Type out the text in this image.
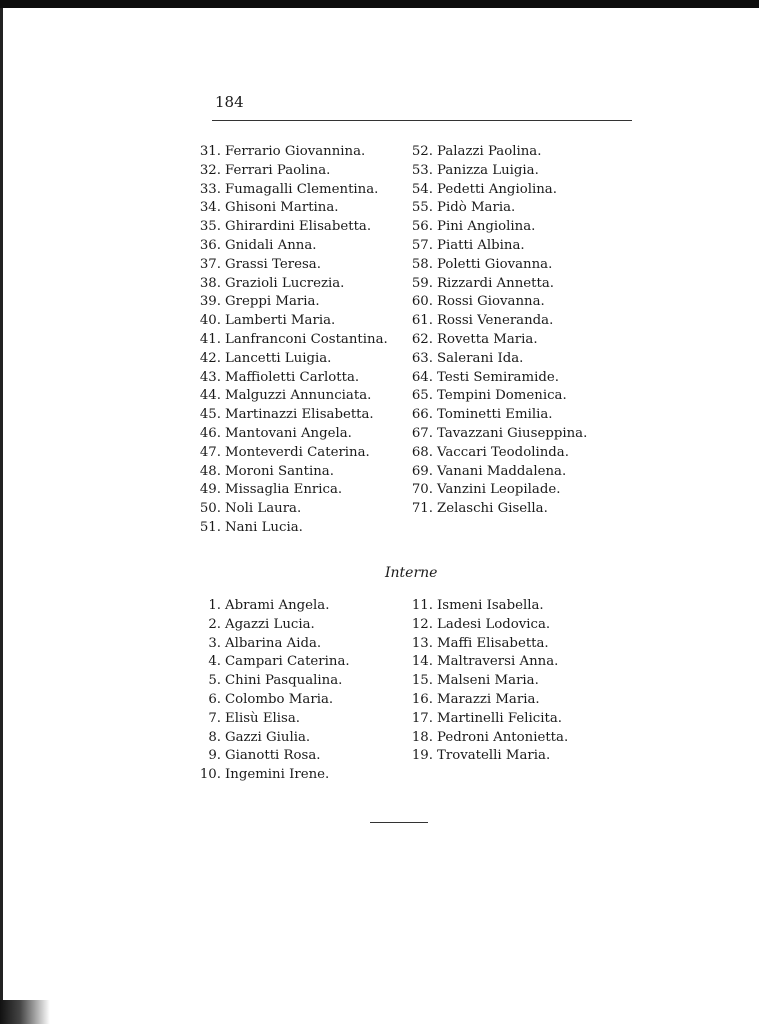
184
31. Ferrario Giovannina.
32. Ferrari Paolina.
33. Fumagalli Clementina.
34. Ghisoni Martina.
35. Ghirardini Elisabetta.
36. Gnidali Anna.
37. Grassi Teresa.
38. Grazioli Lucrezia.
39. Greppi Maria.
40. Lamberti Maria.
41. Lanfranconi Costantina.
42. Lancetti Luigia.
43. Maffioletti Carlotta.
44. Malguzzi Annunciata.
45. Martinazzi Elisabetta.
46. Mantovani Angela.
47. Monteverdi Caterina.
48. Moroni Santina.
49. Missaglia Enrica.
50. Noli Laura.
51. Nani Lucia.
52. Palazzi Paolina.
53. Panizza Luigia.
54. Pedetti Angiolina.
55. Pidò Maria.
56. Pini Angiolina.
57. Piatti Albina.
58. Poletti Giovanna.
59. Rizzardi Annetta.
60. Rossi Giovanna.
61. Rossi Veneranda.
62. Rovetta Maria.
63. Salerani Ida.
64. Testi Semiramide.
65. Tempini Domenica.
66. Tominetti Emilia.
67. Tavazzani Giuseppina.
68. Vaccari Teodolinda.
69. Vanani Maddalena.
70. Vanzini Leopilade.
71. Zelaschi Gisella.
Interne
1. Abrami Angela.
2. Agazzi Lucia.
3. Albarina Aida.
4. Campari Caterina.
5. Chini Pasqualina.
6. Colombo Maria.
7. Elisù Elisa.
8. Gazzi Giulia.
9. Gianotti Rosa.
10. Ingemini Irene.
11. Ismeni Isabella.
12. Ladesi Lodovica.
13. Maffi Elisabetta.
14. Maltraversi Anna.
15. Malseni Maria.
16. Marazzi Maria.
17. Martinelli Felicita.
18. Pedroni Antonietta.
19. Trovatelli Maria.
